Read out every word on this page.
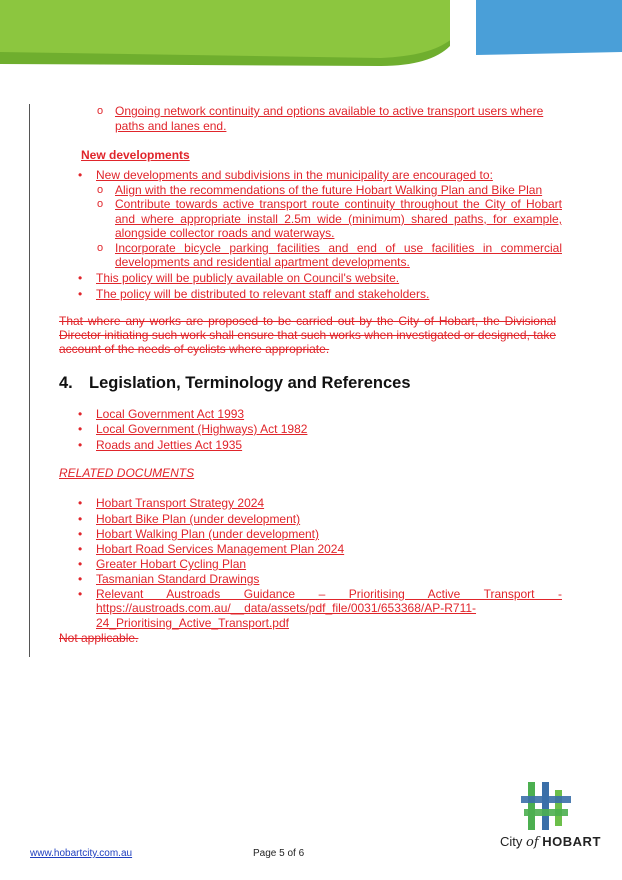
o Ongoing network continuity and options available to active transport users where
paths and lanes end.
New developments
• New developments and subdivisions in the municipality are encouraged to:
o Align with the recommendations of the future Hobart Walking Plan and Bike Plan
o Contribute towards active transport route continuity throughout the City of Hobart
and where appropriate install 2.5m wide (minimum) shared paths, for example,
alongside collector roads and waterways.
o Incorporate bicycle parking facilities and end of use facilities in commercial
developments and residential apartment developments.
• This policy will be publicly available on Council's website.
• The policy will be distributed to relevant staff and stakeholders.
That where any works are proposed to be carried out by the City of Hobart, the Divisional
Director initiating such work shall ensure that such works when investigated or designed, take
account of the needs of cyclists where appropriate.
4. Legislation, Terminology and References
• Local Government Act 1993
• Local Government (Highways) Act 1982
• Roads and Jetties Act 1935
RELATED DOCUMENTS
• Hobart Transport Strategy 2024
• Hobart Bike Plan (under development)
• Hobart Walking Plan (under development)
• Hobart Road Services Management Plan 2024
• Greater Hobart Cycling Plan
• Tasmanian Standard Drawings
• Relevant Austroads Guidance – Prioritising Active Transport -
https://austroads.com.au/__data/assets/pdf_file/0031/653368/AP-R711-
24_Prioritising_Active_Transport.pdf
Not applicable.
City of HOBART
www.hobartcity.com.au	Page 5 of 6
